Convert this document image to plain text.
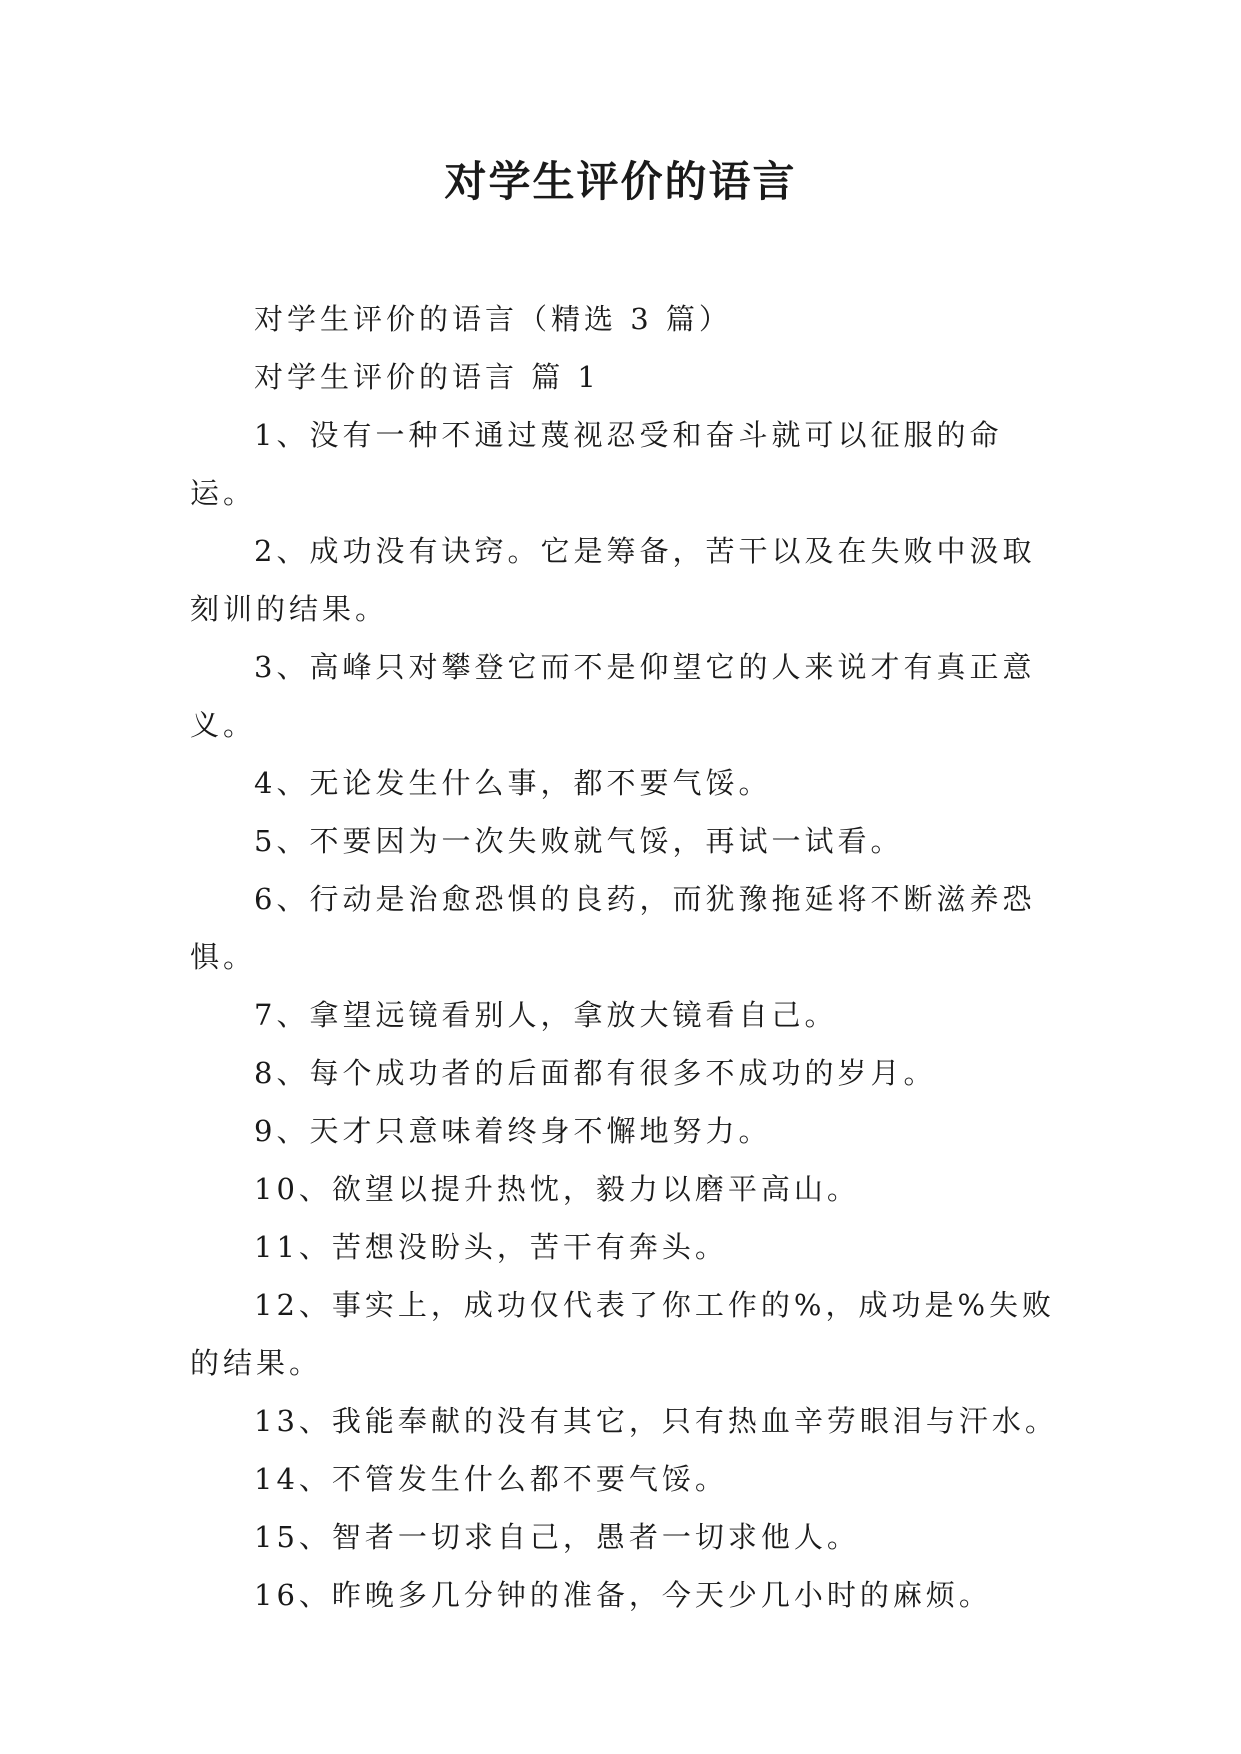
对学生评价的语言

对学生评价的语言（精选 3 篇）

对学生评价的语言 篇 1

1、没有一种不通过蔑视忍受和奋斗就可以征服的命运。

2、成功没有诀窍。它是筹备，苦干以及在失败中汲取刻训的结果。

3、高峰只对攀登它而不是仰望它的人来说才有真正意义。

4、无论发生什么事，都不要气馁。

5、不要因为一次失败就气馁，再试一试看。

6、行动是治愈恐惧的良药，而犹豫拖延将不断滋养恐惧。

7、拿望远镜看别人，拿放大镜看自己。

8、每个成功者的后面都有很多不成功的岁月。

9、天才只意味着终身不懈地努力。

10、欲望以提升热忱，毅力以磨平高山。

11、苦想没盼头，苦干有奔头。

12、事实上，成功仅代表了你工作的%，成功是%失败的结果。

13、我能奉献的没有其它，只有热血辛劳眼泪与汗水。

14、不管发生什么都不要气馁。

15、智者一切求自己，愚者一切求他人。

16、昨晚多几分钟的准备，今天少几小时的麻烦。
